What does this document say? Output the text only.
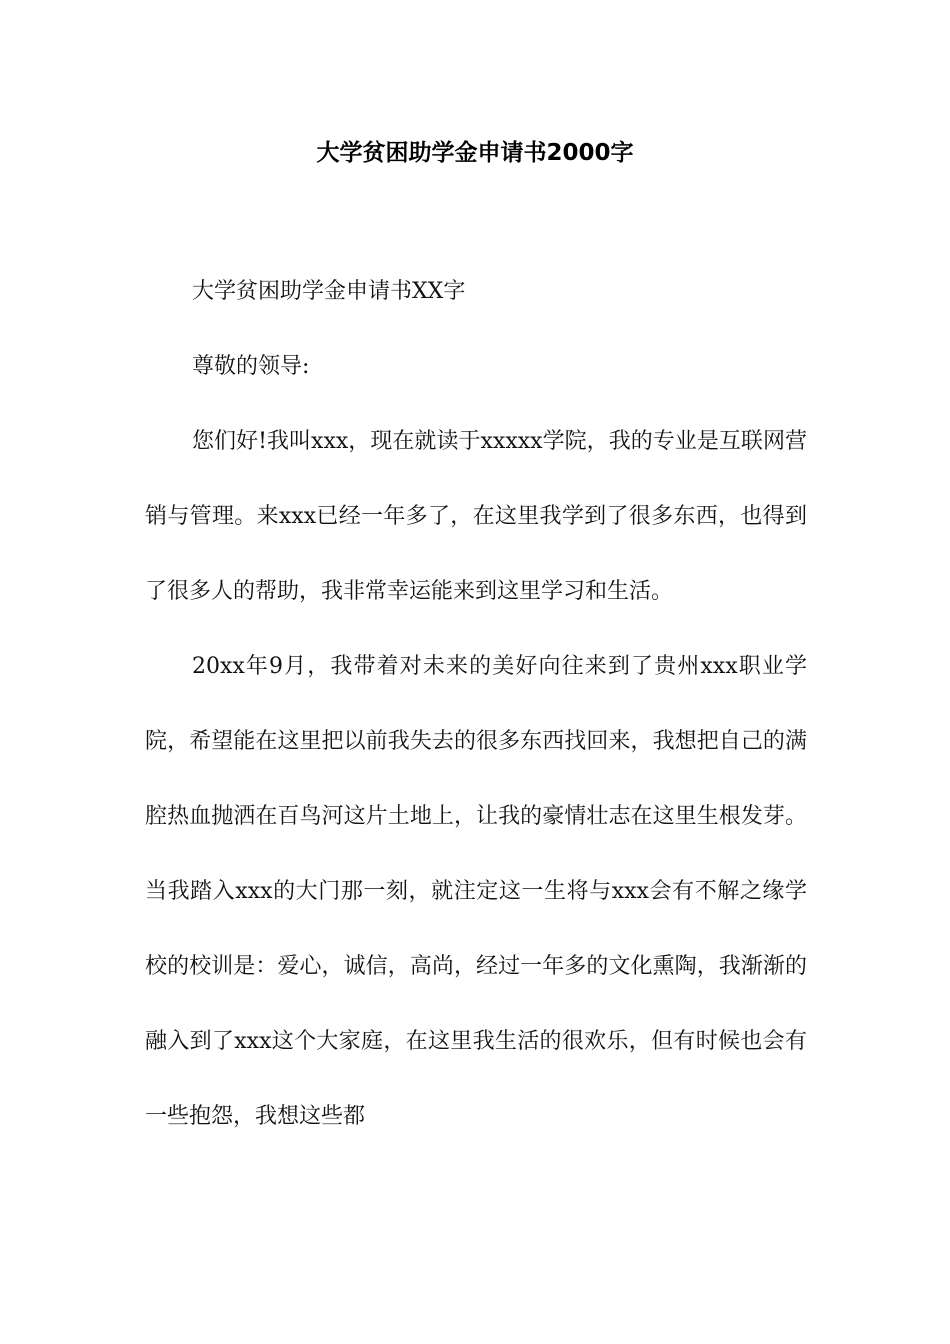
大学贫困助学金申请书2000字

大学贫困助学金申请书XX字

尊敬的领导:

您们好!我叫xxx，现在就读于xxxxx学院，我的专业是互联网营销与管理。来xxx已经一年多了，在这里我学到了很多东西，也得到了很多人的帮助，我非常幸运能来到这里学习和生活。

20xx年9月，我带着对未来的美好向往来到了贵州xxx职业学院，希望能在这里把以前我失去的很多东西找回来，我想把自己的满腔热血抛洒在百鸟河这片土地上，让我的豪情壮志在这里生根发芽。当我踏入xxx的大门那一刻，就注定这一生将与xxx会有不解之缘学校的校训是：爱心，诚信，高尚，经过一年多的文化熏陶，我渐渐的融入到了xxx这个大家庭，在这里我生活的很欢乐，但有时候也会有一些抱怨，我想这些都
